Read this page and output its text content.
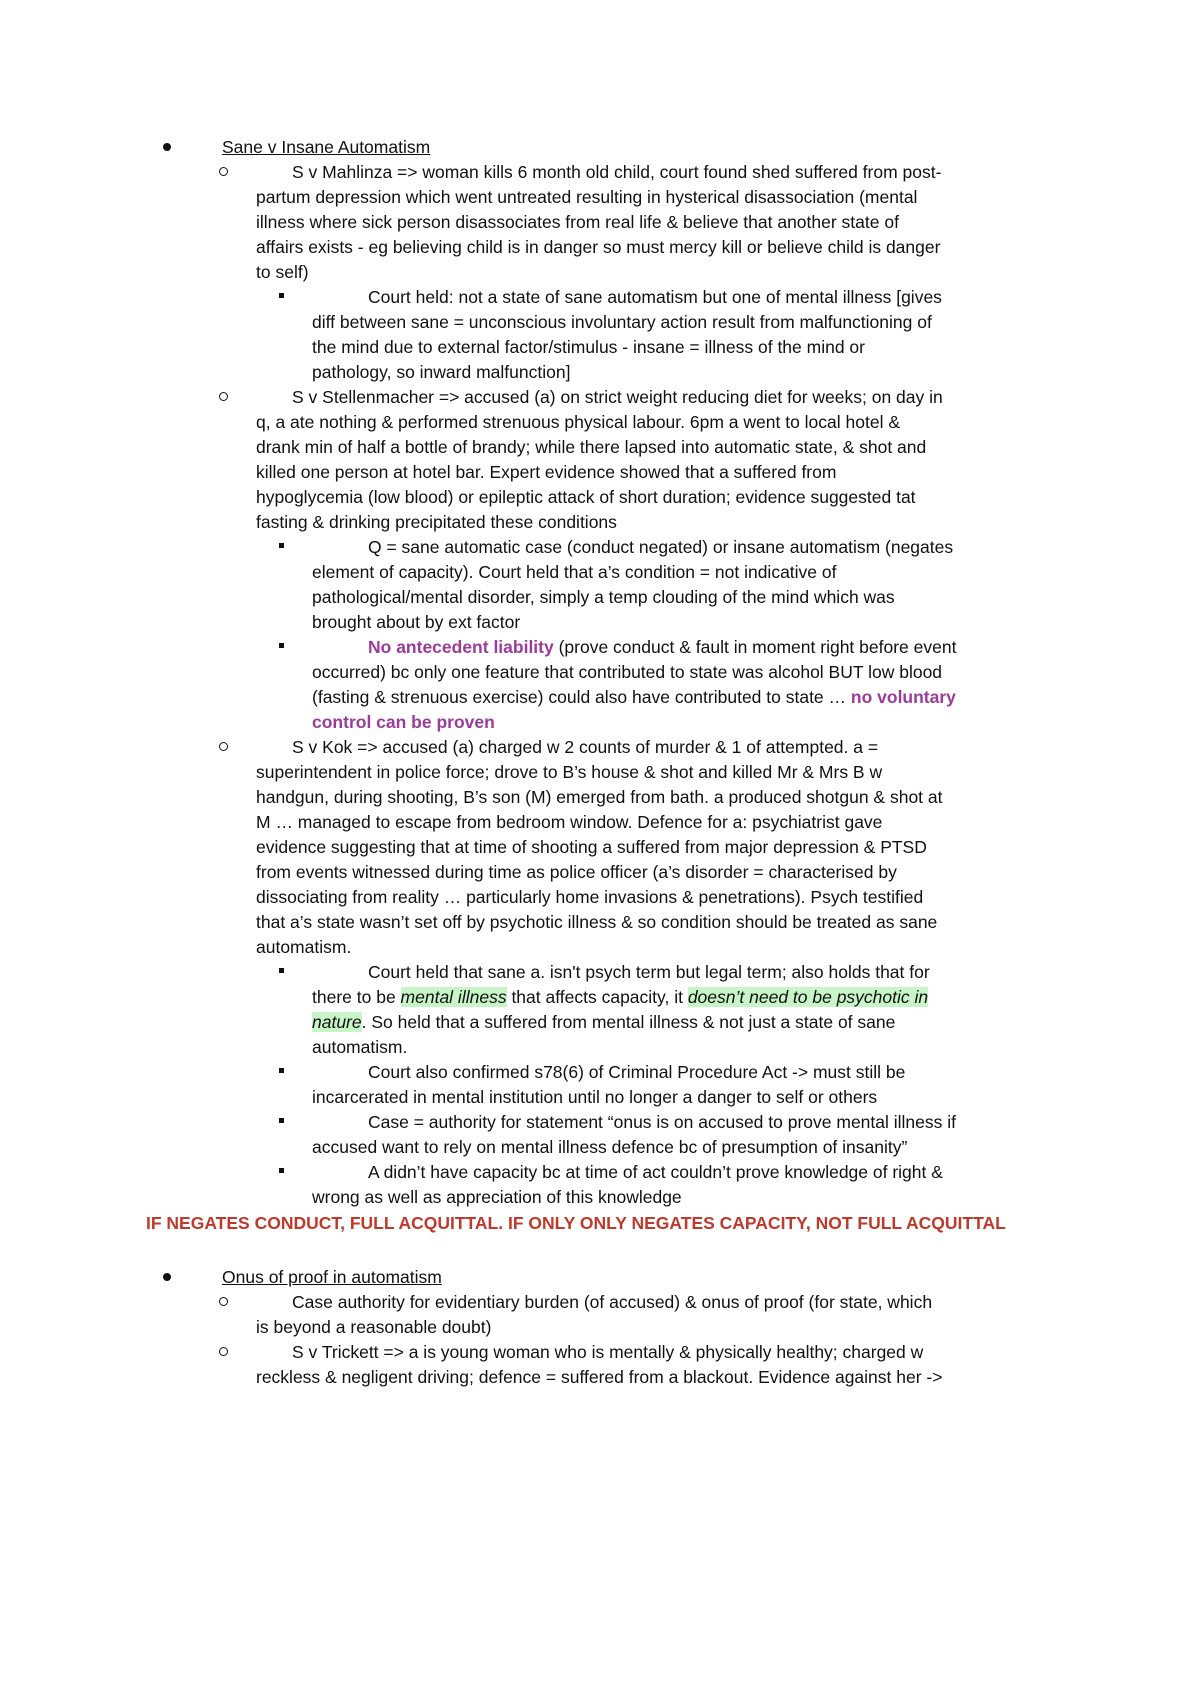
Sane v Insane Automatism
S v Mahlinza => woman kills 6 month old child, court found shed suffered from post-
partum depression which went untreated resulting in hysterical disassociation (mental
illness where sick person disassociates from real life & believe that another state of
affairs exists - eg believing child is in danger so must mercy kill or believe child is danger
to self)
Court held: not a state of sane automatism but one of mental illness [gives
diff between sane = unconscious involuntary action result from malfunctioning of
the mind due to external factor/stimulus - insane = illness of the mind or
pathology, so inward malfunction]
S v Stellenmacher => accused (a) on strict weight reducing diet for weeks; on day in
q, a ate nothing & performed strenuous physical labour. 6pm a went to local hotel &
drank min of half a bottle of brandy; while there lapsed into automatic state, & shot and
killed one person at hotel bar. Expert evidence showed that a suffered from
hypoglycemia (low blood) or epileptic attack of short duration; evidence suggested tat
fasting & drinking precipitated these conditions
Q = sane automatic case (conduct negated) or insane automatism (negates
element of capacity). Court held that a’s condition = not indicative of
pathological/mental disorder, simply a temp clouding of the mind which was
brought about by ext factor
No antecedent liability (prove conduct & fault in moment right before event
occurred) bc only one feature that contributed to state was alcohol BUT low blood
(fasting & strenuous exercise) could also have contributed to state … no voluntary
control can be proven
S v Kok => accused (a) charged w 2 counts of murder & 1 of attempted. a =
superintendent in police force; drove to B’s house & shot and killed Mr & Mrs B w
handgun, during shooting, B’s son (M) emerged from bath. a produced shotgun & shot at
M … managed to escape from bedroom window. Defence for a: psychiatrist gave
evidence suggesting that at time of shooting a suffered from major depression & PTSD
from events witnessed during time as police officer (a’s disorder = characterised by
dissociating from reality … particularly home invasions & penetrations). Psych testified
that a’s state wasn’t set off by psychotic illness & so condition should be treated as sane
automatism.
Court held that sane a. isn't psych term but legal term; also holds that for
there to be mental illness that affects capacity, it doesn’t need to be psychotic in
nature. So held that a suffered from mental illness & not just a state of sane
automatism.
Court also confirmed s78(6) of Criminal Procedure Act -> must still be
incarcerated in mental institution until no longer a danger to self or others
Case = authority for statement “onus is on accused to prove mental illness if
accused want to rely on mental illness defence bc of presumption of insanity”
A didn’t have capacity bc at time of act couldn’t prove knowledge of right &
wrong as well as appreciation of this knowledge
IF NEGATES CONDUCT, FULL ACQUITTAL. IF ONLY ONLY NEGATES CAPACITY, NOT FULL ACQUITTAL
Onus of proof in automatism
Case authority for evidentiary burden (of accused) & onus of proof (for state, which
is beyond a reasonable doubt)
S v Trickett => a is young woman who is mentally & physically healthy; charged w
reckless & negligent driving; defence = suffered from a blackout. Evidence against her ->
